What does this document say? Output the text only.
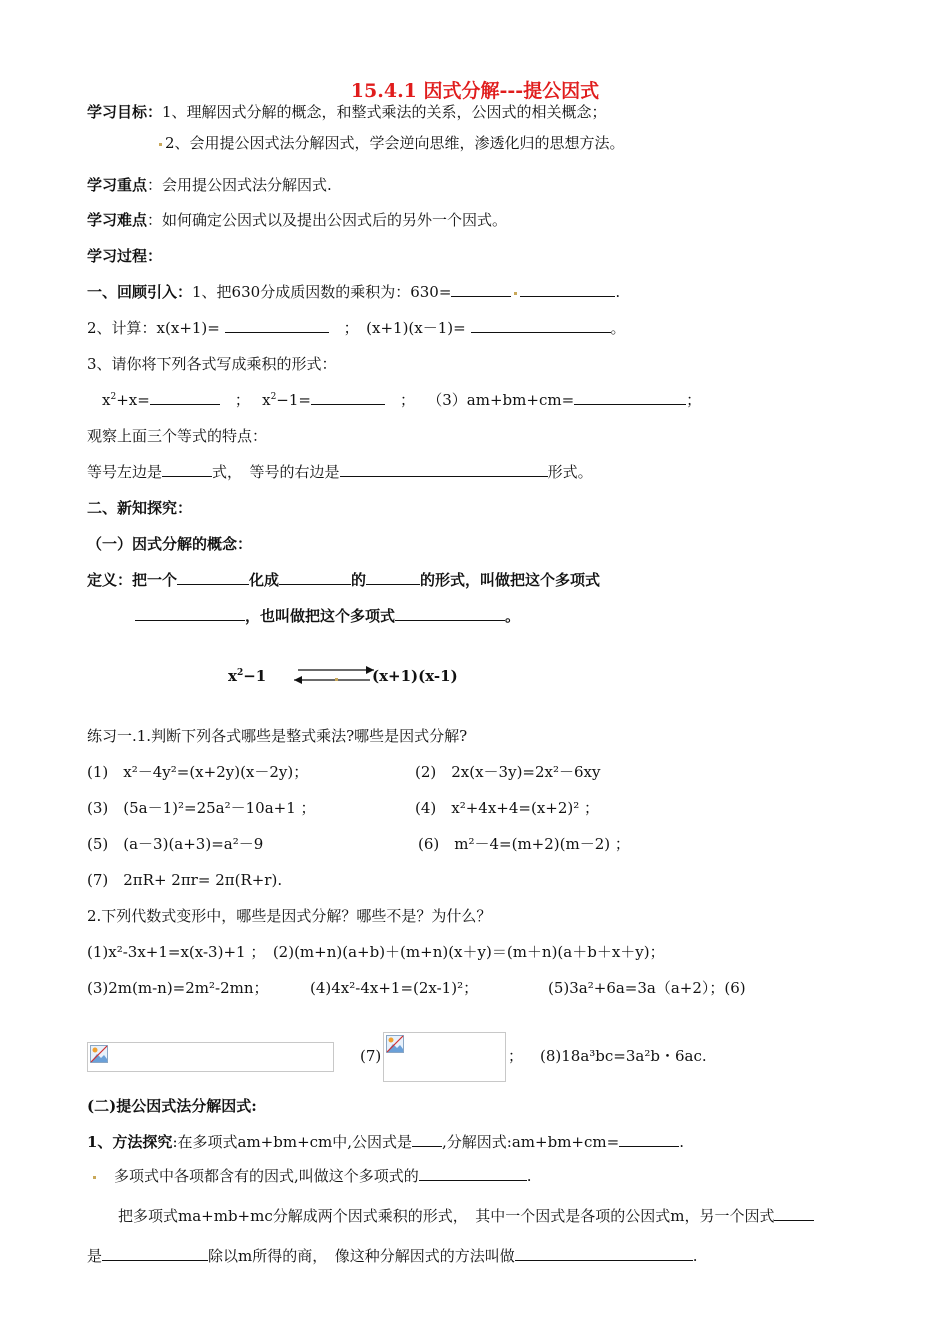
15.4.1 因式分解---提公因式
学习目标：1、理解因式分解的概念，和整式乘法的关系，公因式的相关概念；
2、会用提公因式法分解因式，学会逆向思维，渗透化归的思想方法。
学习重点：会用提公因式法分解因式.
学习难点：如何确定公因式以及提出公因式后的另外一个因式。
学习过程：
一、回顾引入：1、把630分成质因数的乘积为：630=	.
2、计算：x(x+1)= 　	；　(x+1)(x－1)=	。
3、请你将下列各式写成乘积的形式：
$x^2+x=$	　；　 $x^2-1=$	　；　 （3）am+bm+cm=	；
观察上面三个等式的特点：
等号左边是	式，　 等号的右边是	形式。
二、新知探究：
（一）因式分解的概念：
定义：把一个	化成	的	的形式，叫做把这个多项式
，也叫做把这个多项式	。
$x^2-1$	(x+1)(x-1)
练习一.1.判断下列各式哪些是整式乘法?哪些是因式分解?
(1)　x²－4y²=(x+2y)(x－2y)；	(2)　2x(x－3y)=2x²－6xy
(3)　(5a－1)²=25a²－10a+1 ；	(4)　x²+4x+4=(x+2)² ；
(5)　(a－3)(a+3)=a²－9	(6)　m²－4=(m+2)(m－2) ；
(7)　2πR+ 2πr= 2π(R+r).
2.下列代数式变形中，哪些是因式分解？哪些不是？为什么？
(1)x²-3x+1=x(x-3)+1 ；　(2)(m+n)(a+b)＋(m+n)(x＋y)＝(m＋n)(a＋b＋x＋y)；
(3)2m(m-n)=2m²-2mn；	(4)4x²-4x+1=(2x-1)²；	(5)3a²+6a=3a（a+2）；(6)
(7)	； (8)18a³bc=3a²b・6ac.
(二)提公因式法分解因式:
1、方法探究:在多项式am+bm+cm中,公因式是 ,分解因式:am+bm+cm=	.
　多项式中各项都含有的因式,叫做这个多项式的	.
把多项式ma+mb+mc分解成两个因式乘积的形式，　其中一个因式是各项的公因式m，另一个因式
是	除以m所得的商，　像这种分解因式的方法叫做	.
